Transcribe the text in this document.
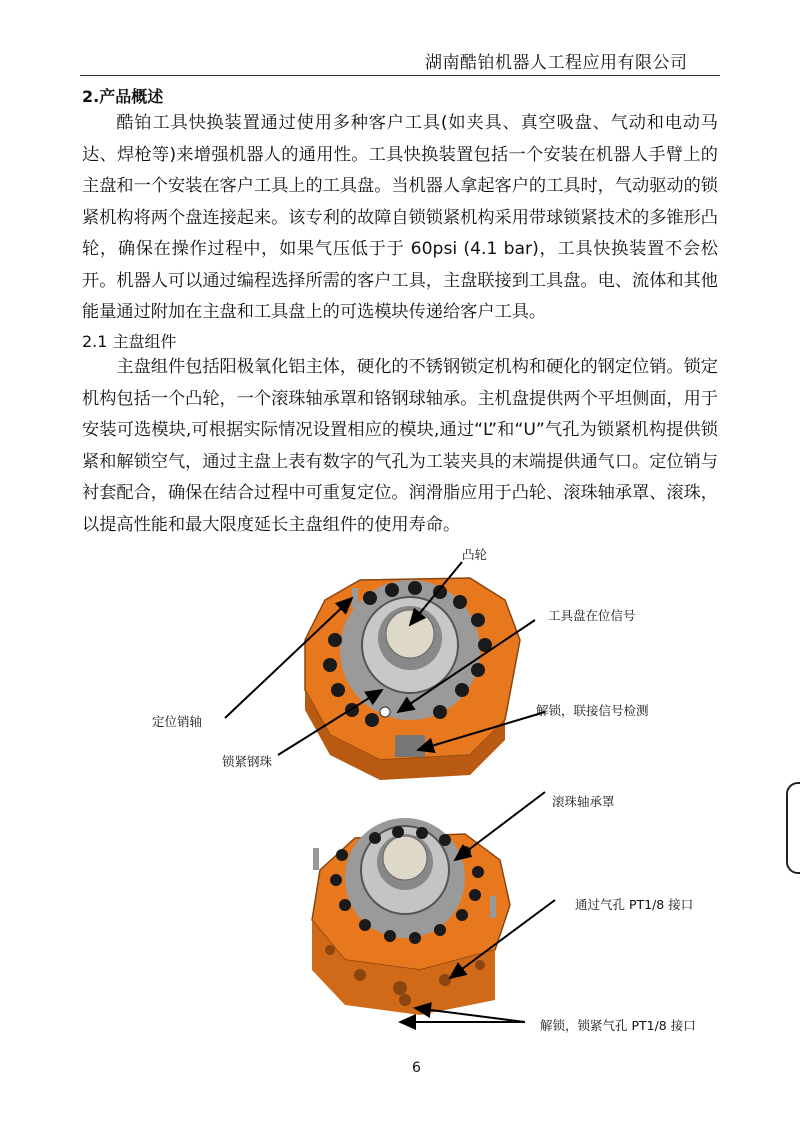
湖南酷铂机器人工程应用有限公司
2.产品概述

酷铂工具快换装置通过使用多种客户工具(如夹具、真空吸盘、气动和电动马达、焊枪等)来增强机器人的通用性。工具快换装置包括一个安装在机器人手臂上的主盘和一个安装在客户工具上的工具盘。当机器人拿起客户的工具时，气动驱动的锁紧机构将两个盘连接起来。该专利的故障自锁锁紧机构采用带球锁紧技术的多锥形凸轮，确保在操作过程中，如果气压低于于 60psi (4.1 bar)，工具快换装置不会松开。机器人可以通过编程选择所需的客户工具，主盘联接到工具盘。电、流体和其他能量通过附加在主盘和工具盘上的可选模块传递给客户工具。

2.1 主盘组件

主盘组件包括阳极氧化铝主体，硬化的不锈钢锁定机构和硬化的钢定位销。锁定机构包括一个凸轮，一个滚珠轴承罩和铬钢球轴承。主机盘提供两个平坦侧面，用于安装可选模块,可根据实际情况设置相应的模块,通过“L”和“U”气孔为锁紧机构提供锁紧和解锁空气，通过主盘上表有数字的气孔为工装夹具的末端提供通气口。定位销与衬套配合，确保在结合过程中可重复定位。润滑脂应用于凸轮、滚珠轴承罩、滚珠，以提高性能和最大限度延长主盘组件的使用寿命。

凸轮
工具盘在位信号
定位销轴
解锁，联接信号检测
锁紧钢珠
滚珠轴承罩
通过气孔 PT1/8 接口
解锁，锁紧气孔 PT1/8 接口
6
